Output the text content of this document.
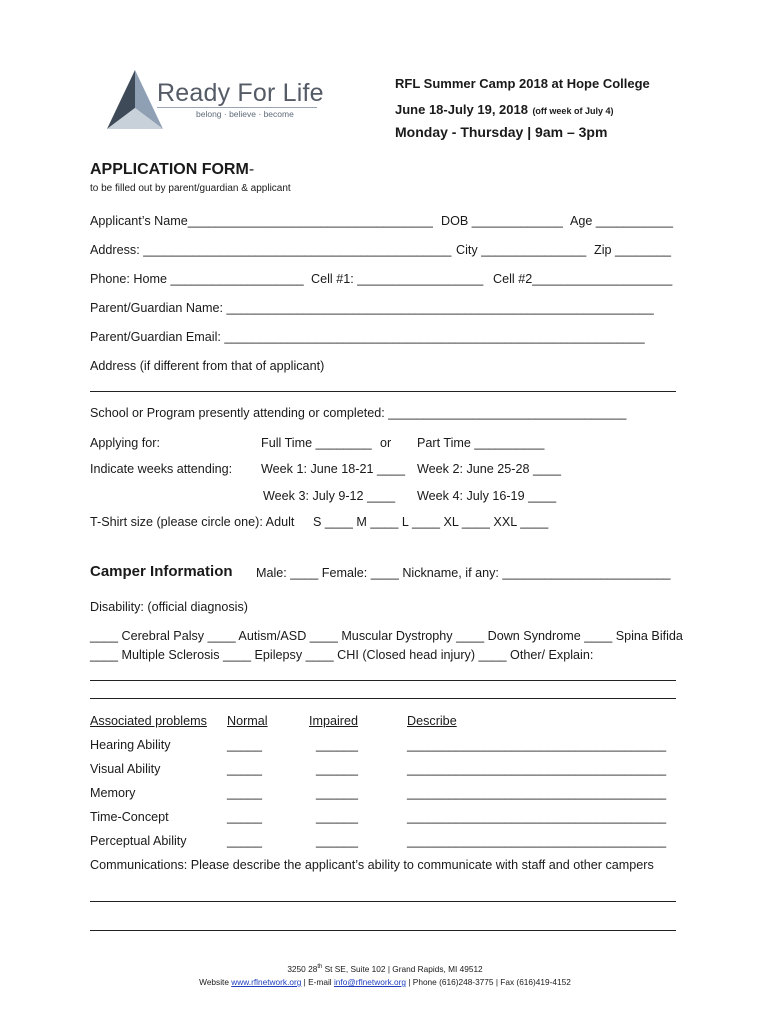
Ready For Life
belong · believe · become
RFL Summer Camp 2018 at Hope College
June 18-July 19, 2018 (off week of July 4)
Monday - Thursday | 9am – 3pm
APPLICATION FORM-
to be filled out by parent/guardian & applicant
Applicant’s Name___________________________________ DOB _____________ Age ___________
Address: ____________________________________________ City _______________ Zip ________
Phone: Home ___________________ Cell #1: __________________ Cell #2____________________
Parent/Guardian Name: _____________________________________________________________
Parent/Guardian Email: ____________________________________________________________
Address (if different from that of applicant)
School or Program presently attending or completed: __________________________________
Applying for:	Full Time ________ or Part Time __________
Indicate weeks attending: Week 1: June 18-21 ____ Week 2: June 25-28 ____
Week 3: July 9-12 ____ Week 4: July 16-19 ____
T-Shirt size (please circle one): Adult S ____ M ____ L ____ XL ____ XXL ____
Camper Information Male: ____ Female: ____ Nickname, if any: ________________________
Disability: (official diagnosis)
____ Cerebral Palsy ____ Autism/ASD ____ Muscular Dystrophy ____ Down Syndrome ____ Spina Bifida
____ Multiple Sclerosis ____ Epilepsy ____ CHI (Closed head injury) ____ Other/ Explain:
Associated problems Normal	Impaired	Describe
Hearing Ability	_____	______	_____________________________________
Visual Ability	_____	______	_____________________________________
Memory	_____	______	_____________________________________
Time-Concept	_____	______	_____________________________________
Perceptual Ability	_____	______	_____________________________________
Communications: Please describe the applicant’s ability to communicate with staff and other campers
3250 28th St SE, Suite 102 | Grand Rapids, MI 49512
Website www.rflnetwork.org | E-mail info@rflnetwork.org | Phone (616)248-3775 | Fax (616)419-4152
